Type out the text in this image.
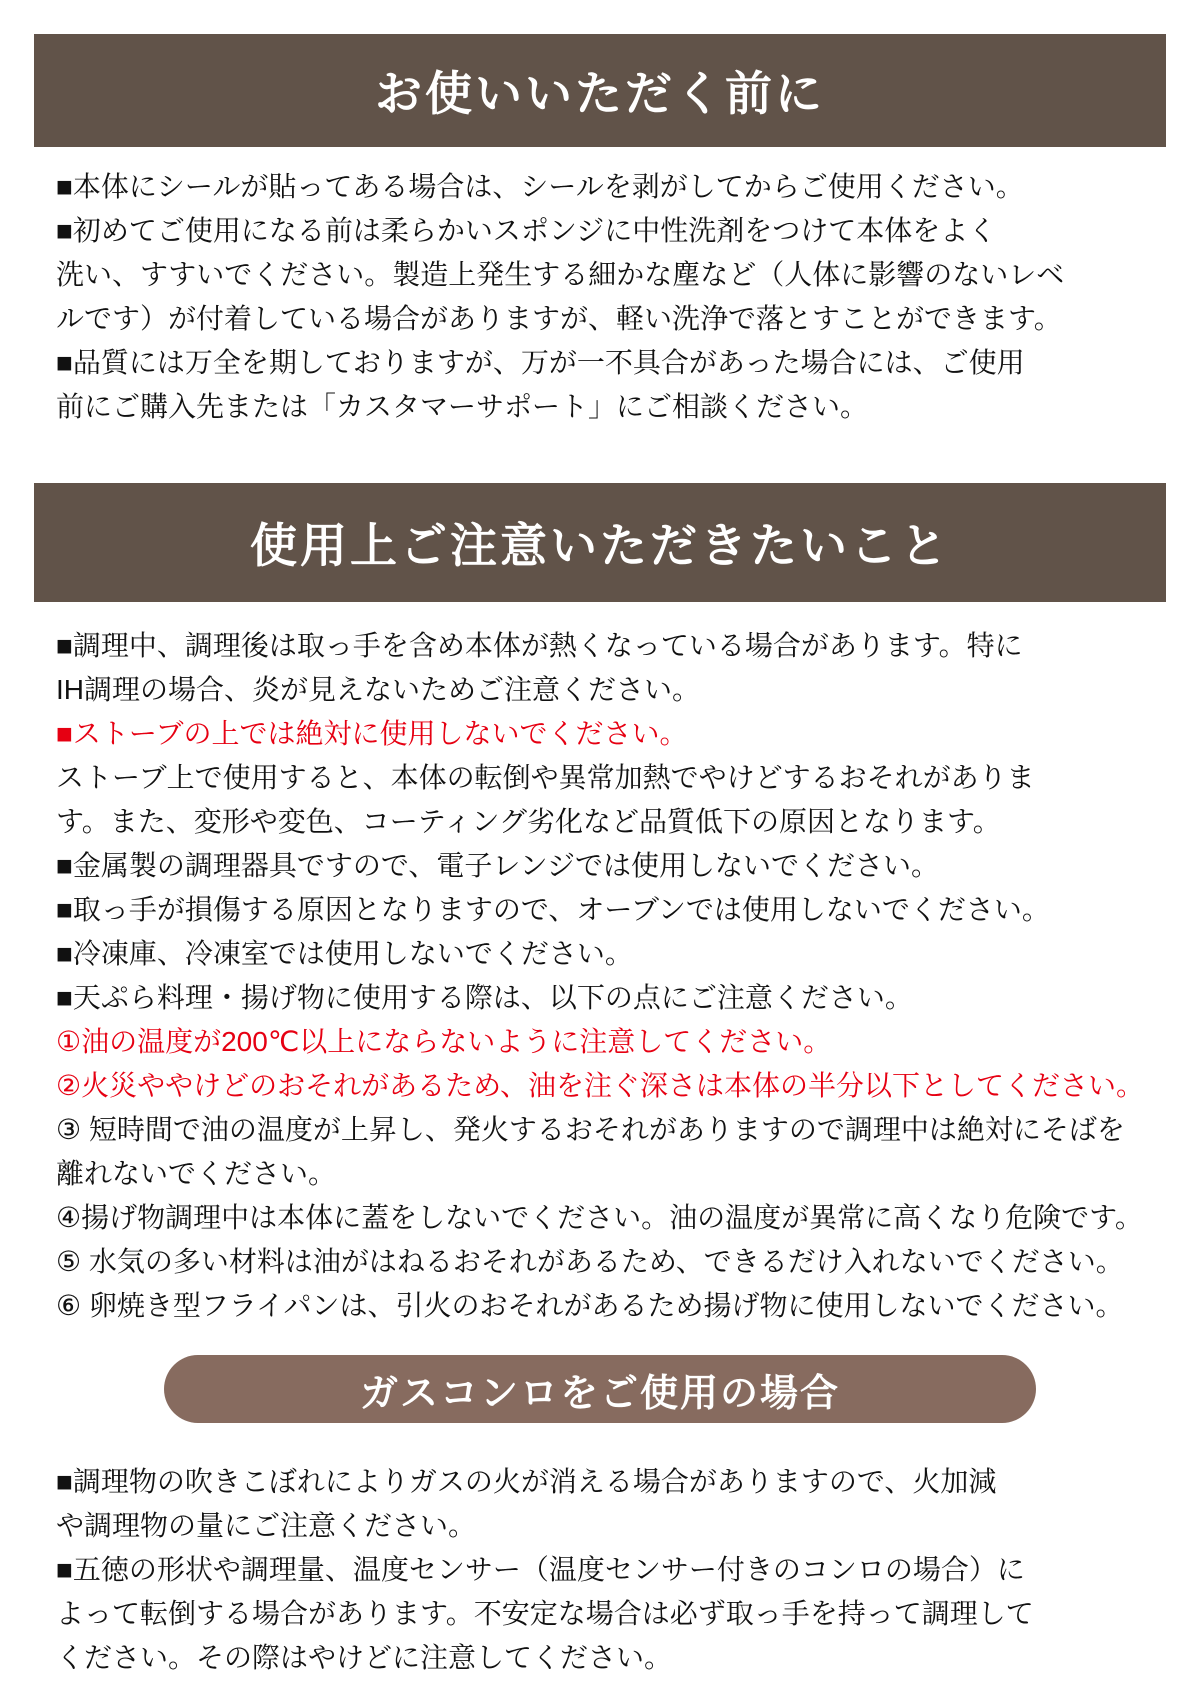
お使いいただく前に
■本体にシールが貼ってある場合は、シールを剥がしてからご使用ください。
■初めてご使用になる前は柔らかいスポンジに中性洗剤をつけて本体をよく
洗い、すすいでください。製造上発生する細かな塵など（人体に影響のないレベ
ルです）が付着している場合がありますが、軽い洗浄で落とすことができます。
■品質には万全を期しておりますが、万が一不具合があった場合には、ご使用
前にご購入先または「カスタマーサポート」にご相談ください。
使用上ご注意いただきたいこと
■調理中、調理後は取っ手を含め本体が熱くなっている場合があります。特に
IH調理の場合、炎が見えないためご注意ください。
■ストーブの上では絶対に使用しないでください。
ストーブ上で使用すると、本体の転倒や異常加熱でやけどするおそれがありま
す。また、変形や変色、コーティング劣化など品質低下の原因となります。
■金属製の調理器具ですので、電子レンジでは使用しないでください。
■取っ手が損傷する原因となりますので、オーブンでは使用しないでください。
■冷凍庫、冷凍室では使用しないでください。
■天ぷら料理・揚げ物に使用する際は、以下の点にご注意ください。
①油の温度が200℃以上にならないように注意してください。
②火災ややけどのおそれがあるため、油を注ぐ深さは本体の半分以下としてください。
③ 短時間で油の温度が上昇し、発火するおそれがありますので調理中は絶対にそばを
離れないでください。
④揚げ物調理中は本体に蓋をしないでください。油の温度が異常に高くなり危険です。
⑤ 水気の多い材料は油がはねるおそれがあるため、できるだけ入れないでください。
⑥ 卵焼き型フライパンは、引火のおそれがあるため揚げ物に使用しないでください。
ガスコンロをご使用の場合
■調理物の吹きこぼれによりガスの火が消える場合がありますので、火加減
や調理物の量にご注意ください。
■五徳の形状や調理量、温度センサー（温度センサー付きのコンロの場合）に
よって転倒する場合があります。不安定な場合は必ず取っ手を持って調理して
ください。その際はやけどに注意してください。
